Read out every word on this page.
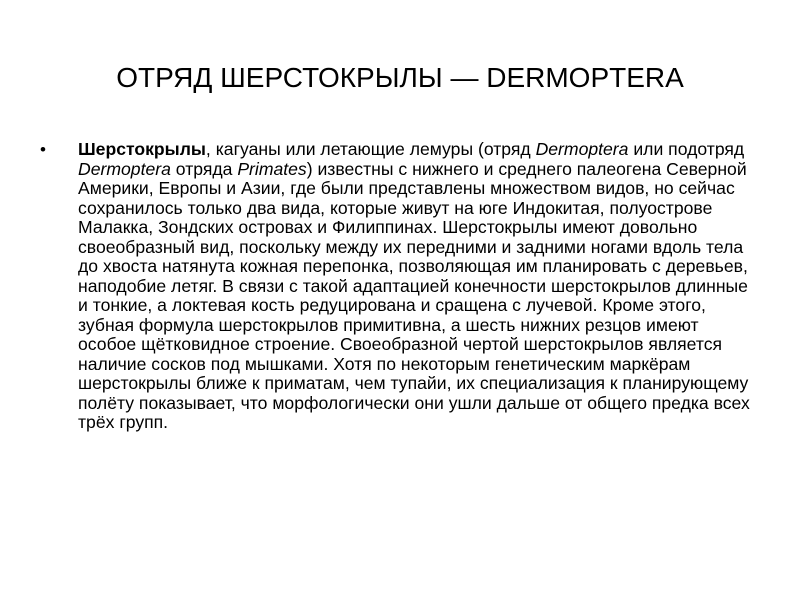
ОТРЯД ШЕРСТОКРЫЛЫ — DERMOPTERA
•	Шерстокрылы, кагуаны или летающие лемуры (отряд Dermoptera или подотряд Dermoptera отряда Primates) известны с нижнего и среднего палеогена Северной Америки, Европы и Азии, где были представлены множеством видов, но сейчас сохранилось только два вида, которые живут на юге Индокитая, полуострове Малакка, Зондских островах и Филиппинах. Шерстокрылы имеют довольно своеобразный вид, поскольку между их передними и задними ногами вдоль тела до хвоста натянута кожная перепонка, позволяющая им планировать с деревьев, наподобие летяг. В связи с такой адаптацией конечности шерстокрылов длинные и тонкие, а локтевая кость редуцирована и сращена с лучевой. Кроме этого, зубная формула шерстокрылов примитивна, а шесть нижних резцов имеют особое щётковидное строение. Своеобразной чертой шерстокрылов является наличие сосков под мышками. Хотя по некоторым генетическим маркёрам шерстокрылы ближе к приматам, чем тупайи, их специализация к планирующему полёту показывает, что морфологически они ушли дальше от общего предка всех трёх групп.
